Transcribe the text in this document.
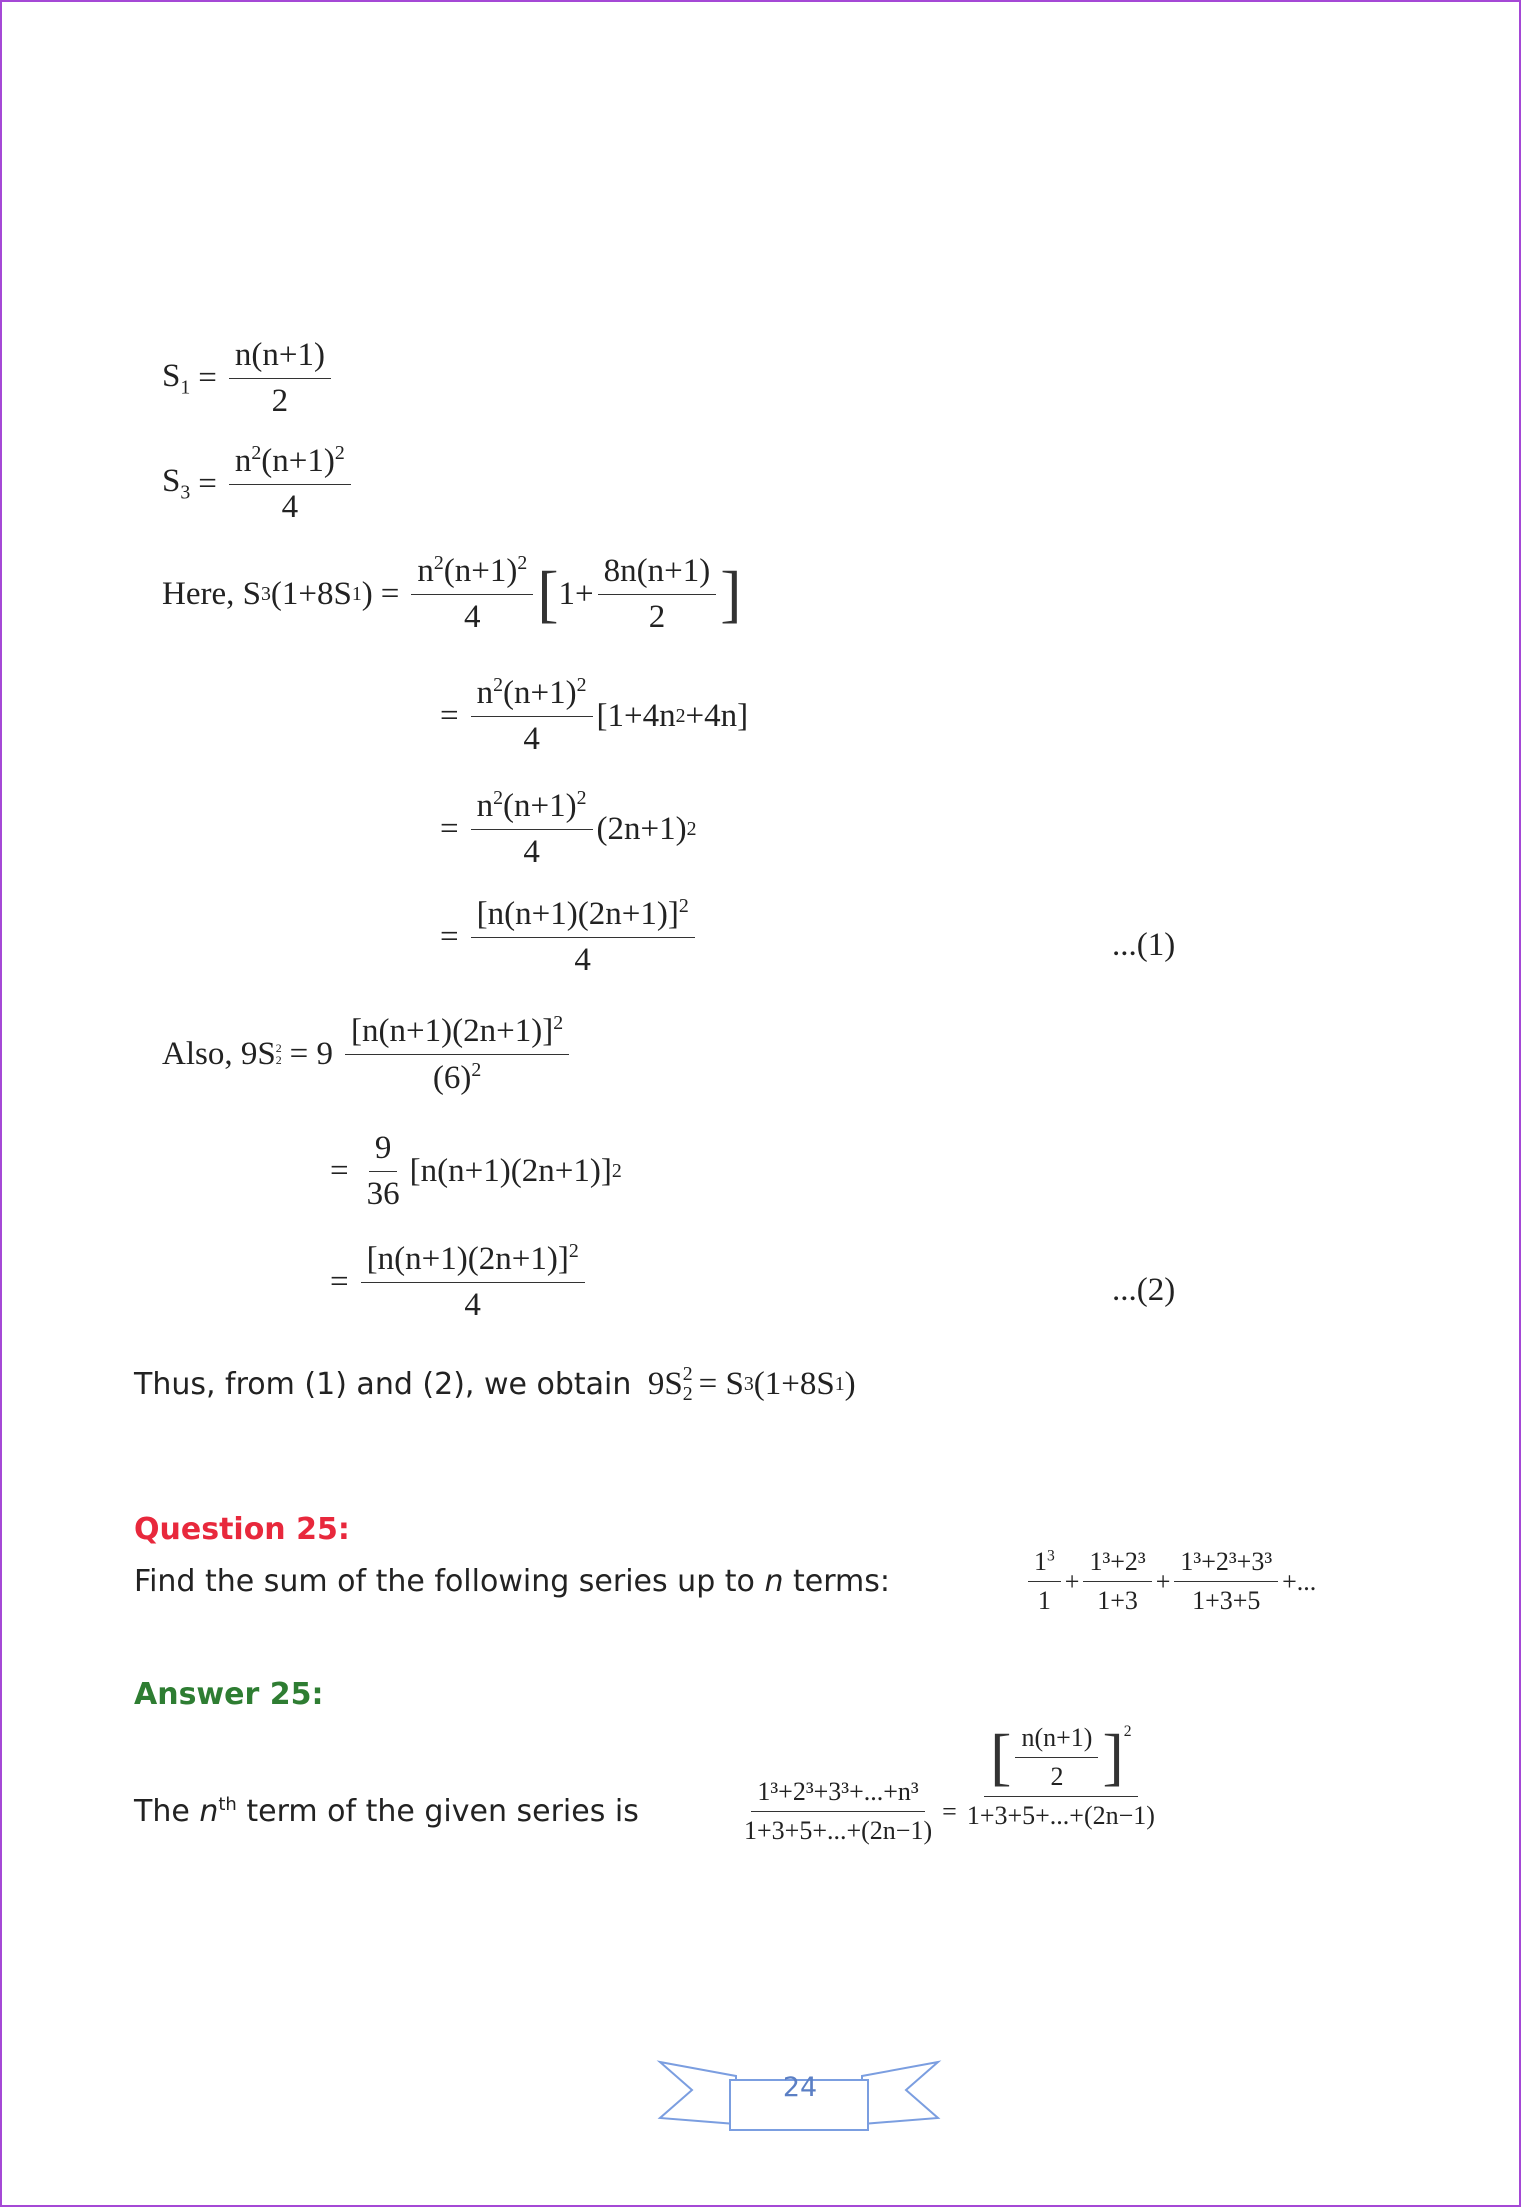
$S_1 = \frac{n(n+1)}{2}$
$S_3 = \frac{n^2(n+1)^2}{4}$
Here, S 3 (1+8S 1 ) = $\frac{n^2(n+1)^2}{4}$ [ $1+ \frac{8n(n+1)}{2}$ ]
= $\frac{n^2(n+1)^2}{4}$ [ 1+4n 2 +4n ]
= $\frac{n^2(n+1)^2}{4} (2n+1)$ 2
= $\frac{[n(n+1)(2n+1)]^2}{4}$	...(1)
Also, 9S 2
$2 = 9 \frac{[n(n+1)(2n+1)]^2}{(6)^2}$
= $\frac{9}{36}$ [ n(n+1)(2n+1) ] 2
= $\frac{[n(n+1)(2n+1)]^2}{4}$	...(2)
Thus, from (1) and (2), we obtain
9S 2
2 = S 3 (1+8S 1 )
Question 25:
Find the sum of the following series up to n terms:	$\frac{1^3}{1} + \frac{\text{1³+2³}}{1+3} + \frac{\text{1³+2³+3³}}{1+3+5}$ +...
Answer 25:
The $n^{th}$ term of the given series is	$\frac{\text{1³+2³+3³+...+n³}}{1+3+5+...+(2n-1)} = \frac{[ \frac{n(n+1)}{2} ]^2}{1+3+5+...+(2n-1)}$
24
